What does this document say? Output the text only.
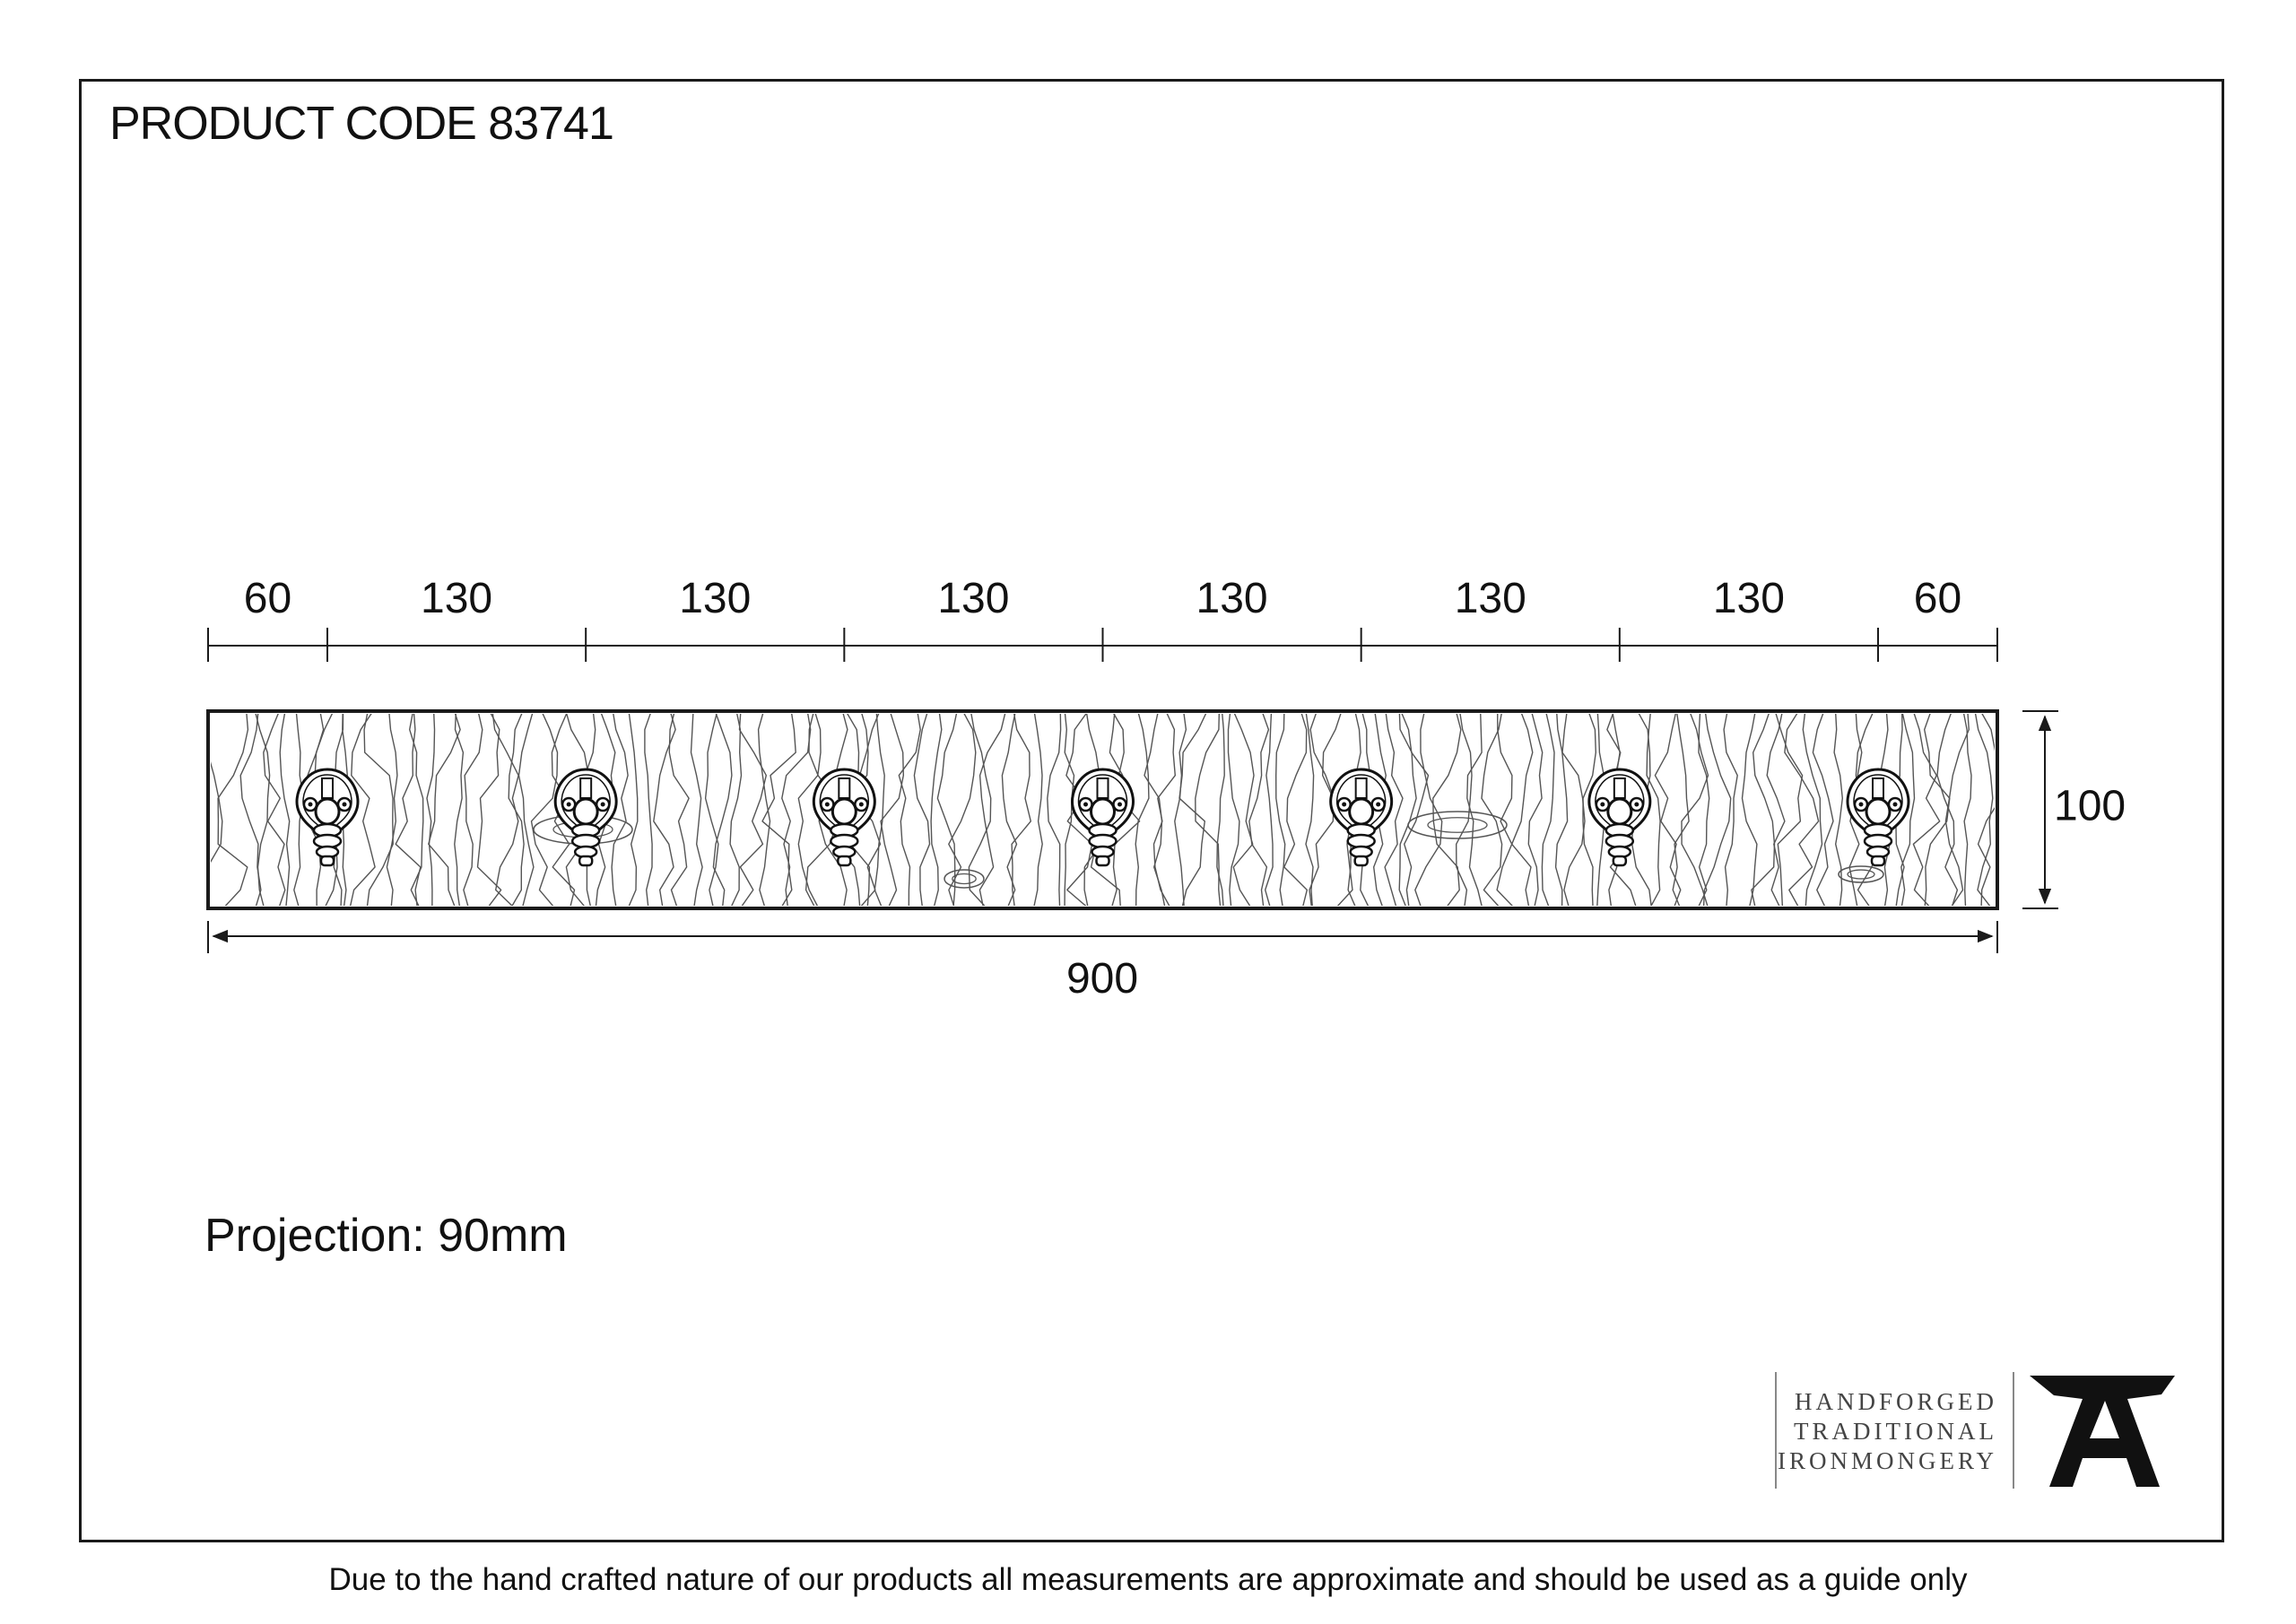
PRODUCT CODE 83741
Projection: 90mm
Due to the hand crafted nature of our products all measurements are approximate and should be used as a guide only
60	130	130	130	130	130	130	60
900
100
HANDFORGED
TRADITIONAL
IRONMONGERY
